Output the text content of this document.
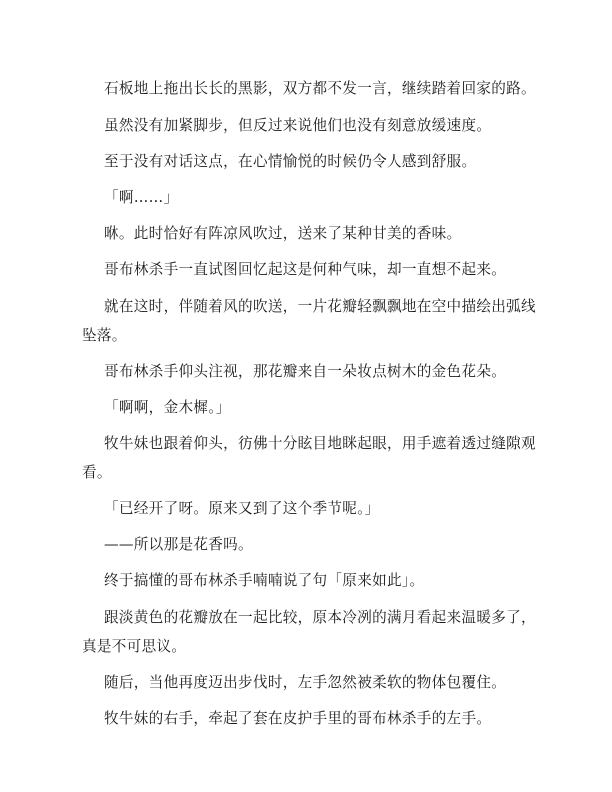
石板地上拖出长长的黑影，双方都不发一言，继续踏着回家的路。

虽然没有加紧脚步，但反过来说他们也没有刻意放缓速度。

至于没有对话这点，在心情愉悦的时候仍令人感到舒服。

「啊……」

咻。此时恰好有阵凉风吹过，送来了某种甘美的香味。

哥布林杀手一直试图回忆起这是何种气味，却一直想不起来。

就在这时，伴随着风的吹送，一片花瓣轻飘飘地在空中描绘出弧线
坠落。

哥布林杀手仰头注视，那花瓣来自一朵妆点树木的金色花朵。

「啊啊，金木樨。」

牧牛妹也跟着仰头，彷佛十分眩目地眯起眼，用手遮着透过缝隙观
看。

「已经开了呀。原来又到了这个季节呢。」

——所以那是花香吗。

终于搞懂的哥布林杀手喃喃说了句「原来如此」。

跟淡黄色的花瓣放在一起比较，原本冷冽的满月看起来温暖多了，
真是不可思议。

随后，当他再度迈出步伐时，左手忽然被柔软的物体包覆住。

牧牛妹的右手，牵起了套在皮护手里的哥布林杀手的左手。
